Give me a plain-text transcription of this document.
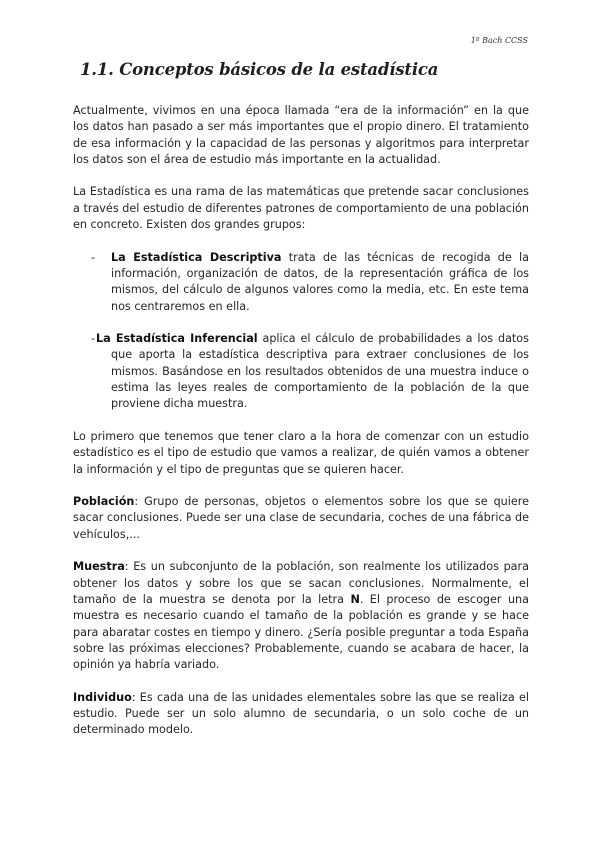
1º Bach CCSS
1.1. Conceptos básicos de la estadística

Actualmente, vivimos en una época llamada “era de la información” en la que los datos han pasado a ser más importantes que el propio dinero. El tratamiento de esa información y la capacidad de las personas y algoritmos para interpretar los datos son el área de estudio más importante en la actualidad.

La Estadística es una rama de las matemáticas que pretende sacar conclusiones a través del estudio de diferentes patrones de comportamiento de una población en concreto. Existen dos grandes grupos:

- La Estadística Descriptiva trata de las técnicas de recogida de la información, organización de datos, de la representación gráfica de los mismos, del cálculo de algunos valores como la media, etc. En este tema nos centraremos en ella.
- La Estadística Inferencial aplica el cálculo de probabilidades a los datos que aporta la estadística descriptiva para extraer conclusiones de los mismos. Basándose en los resultados obtenidos de una muestra induce o estima las leyes reales de comportamiento de la población de la que proviene dicha muestra.

Lo primero que tenemos que tener claro a la hora de comenzar con un estudio estadístico es el tipo de estudio que vamos a realizar, de quién vamos a obtener la información y el tipo de preguntas que se quieren hacer.

Población: Grupo de personas, objetos o elementos sobre los que se quiere sacar conclusiones. Puede ser una clase de secundaria, coches de una fábrica de vehículos,...

Muestra: Es un subconjunto de la población, son realmente los utilizados para obtener los datos y sobre los que se sacan conclusiones. Normalmente, el tamaño de la muestra se denota por la letra N. El proceso de escoger una muestra es necesario cuando el tamaño de la población es grande y se hace para abaratar costes en tiempo y dinero. ¿Sería posible preguntar a toda España sobre las próximas elecciones? Probablemente, cuando se acabara de hacer, la opinión ya habría variado.

Individuo: Es cada una de las unidades elementales sobre las que se realiza el estudio. Puede ser un solo alumno de secundaria, o un solo coche de un determinado modelo.
